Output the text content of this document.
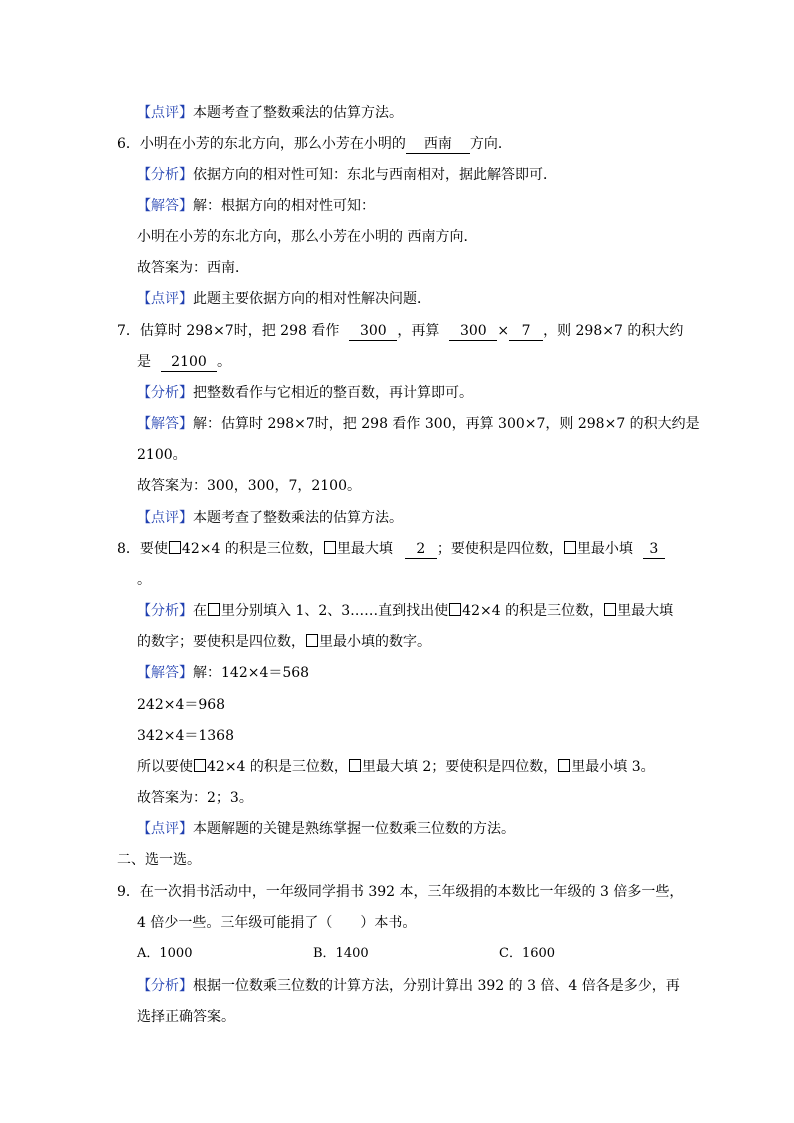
【点评】本题考查了整数乘法的估算方法。
6．小明在小芳的东北方向，那么小芳在小明的 西南 方向．
【分析】依据方向的相对性可知：东北与西南相对，据此解答即可．
【解答】解：根据方向的相对性可知：
小明在小芳的东北方向，那么小芳在小明的 西南方向．
故答案为：西南．
【点评】此题主要依据方向的相对性解决问题．
7．估算时 298×7时，把 298 看作 300 ，再算 300 × 7 ，则 298×7 的积大约
是 2100 。
【分析】把整数看作与它相近的整百数，再计算即可。
【解答】解：估算时 298×7时，把 298 看作 300，再算 300×7，则 298×7 的积大约是
2100。
故答案为：300，300，7，2100。
【点评】本题考查了整数乘法的估算方法。
8．要使 42×4 的积是三位数， 里最大填 2 ；要使积是四位数， 里最小填 3
。
【分析】在 里分别填入 1、2、3……直到找出使 42×4 的积是三位数， 里最大填
的数字；要使积是四位数， 里最小填的数字。
【解答】解：142×4＝568
242×4＝968
342×4＝1368
所以要使 42×4 的积是三位数， 里最大填 2；要使积是四位数， 里最小填 3。
故答案为：2；3。
【点评】本题解题的关键是熟练掌握一位数乘三位数的方法。
二、选一选。
9．在一次捐书活动中，一年级同学捐书 392 本，三年级捐的本数比一年级的 3 倍多一些，
4 倍少一些。三年级可能捐了（　　）本书。
A．1000	B．1400	C．1600
【分析】根据一位数乘三位数的计算方法，分别计算出 392 的 3 倍、4 倍各是多少，再
选择正确答案。
